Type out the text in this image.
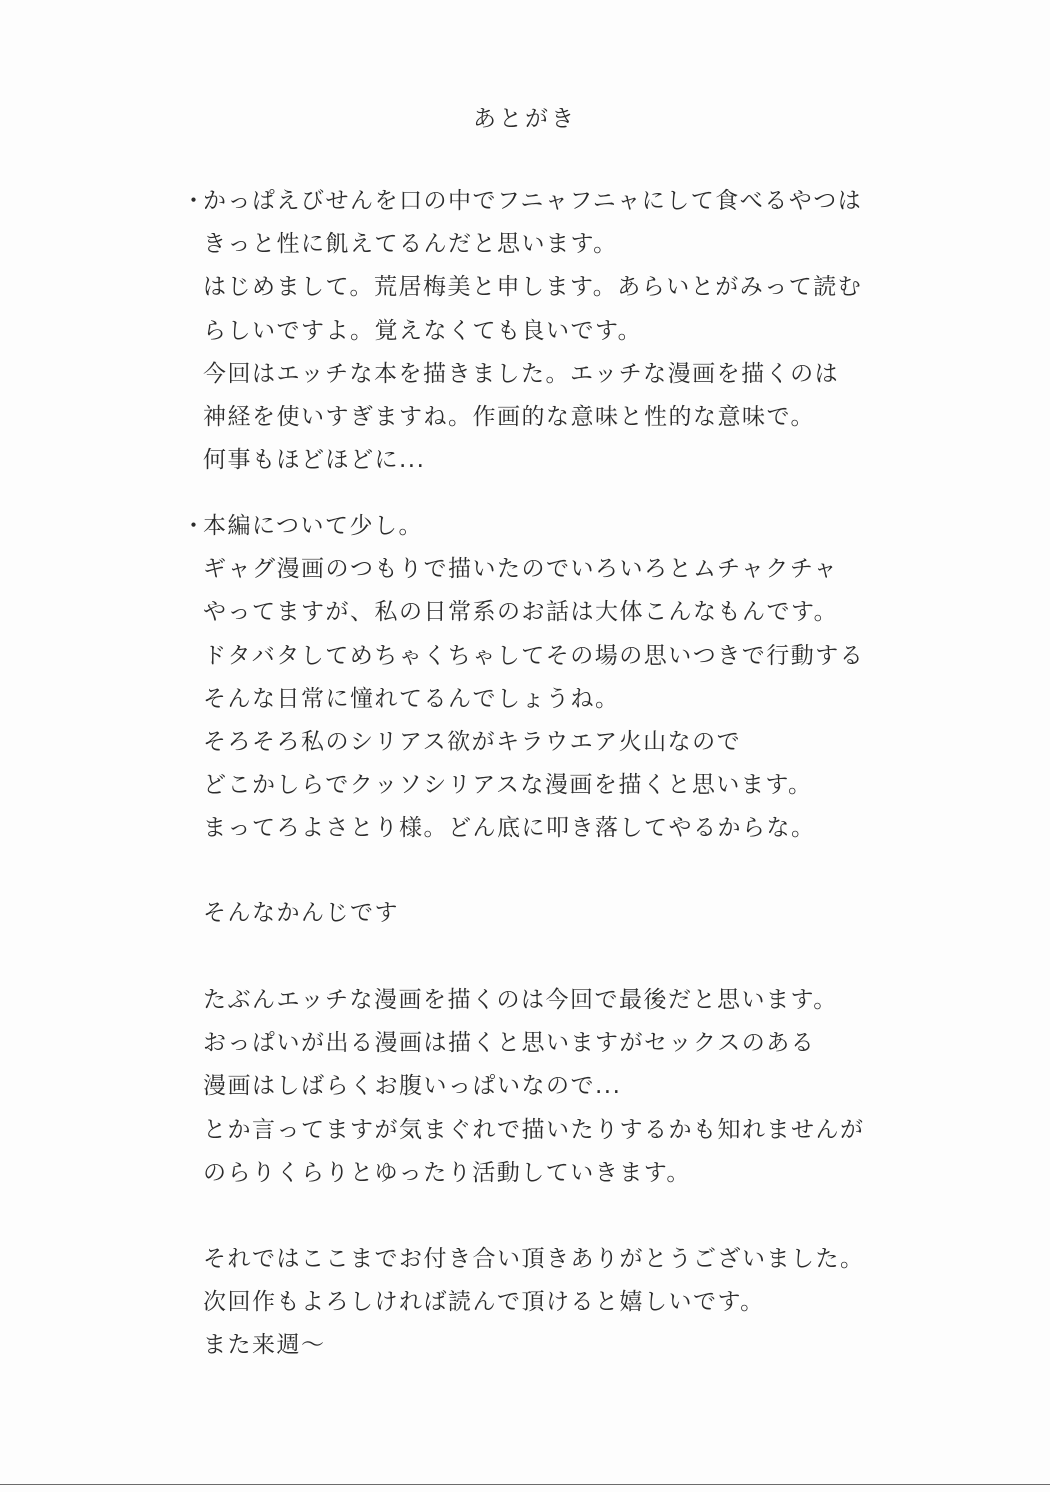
あとがき
・
かっぱえびせんを口の中でフニャフニャにして食べるやつは
きっと性に飢えてるんだと思います。
はじめまして。荒居梅美と申します。あらいとがみって読む
らしいですよ。覚えなくても良いです。
今回はエッチな本を描きました。エッチな漫画を描くのは
神経を使いすぎますね。作画的な意味と性的な意味で。
何事もほどほどに...
・
本編について少し。
ギャグ漫画のつもりで描いたのでいろいろとムチャクチャ
やってますが、私の日常系のお話は大体こんなもんです。
ドタバタしてめちゃくちゃしてその場の思いつきで行動する
そんな日常に憧れてるんでしょうね。
そろそろ私のシリアス欲がキラウエア火山なので
どこかしらでクッソシリアスな漫画を描くと思います。
まってろよさとり様。どん底に叩き落してやるからな。
そんなかんじです
たぶんエッチな漫画を描くのは今回で最後だと思います。
おっぱいが出る漫画は描くと思いますがセックスのある
漫画はしばらくお腹いっぱいなので...
とか言ってますが気まぐれで描いたりするかも知れませんが
のらりくらりとゆったり活動していきます。
それではここまでお付き合い頂きありがとうございました。
次回作もよろしければ読んで頂けると嬉しいです。
また来週～
